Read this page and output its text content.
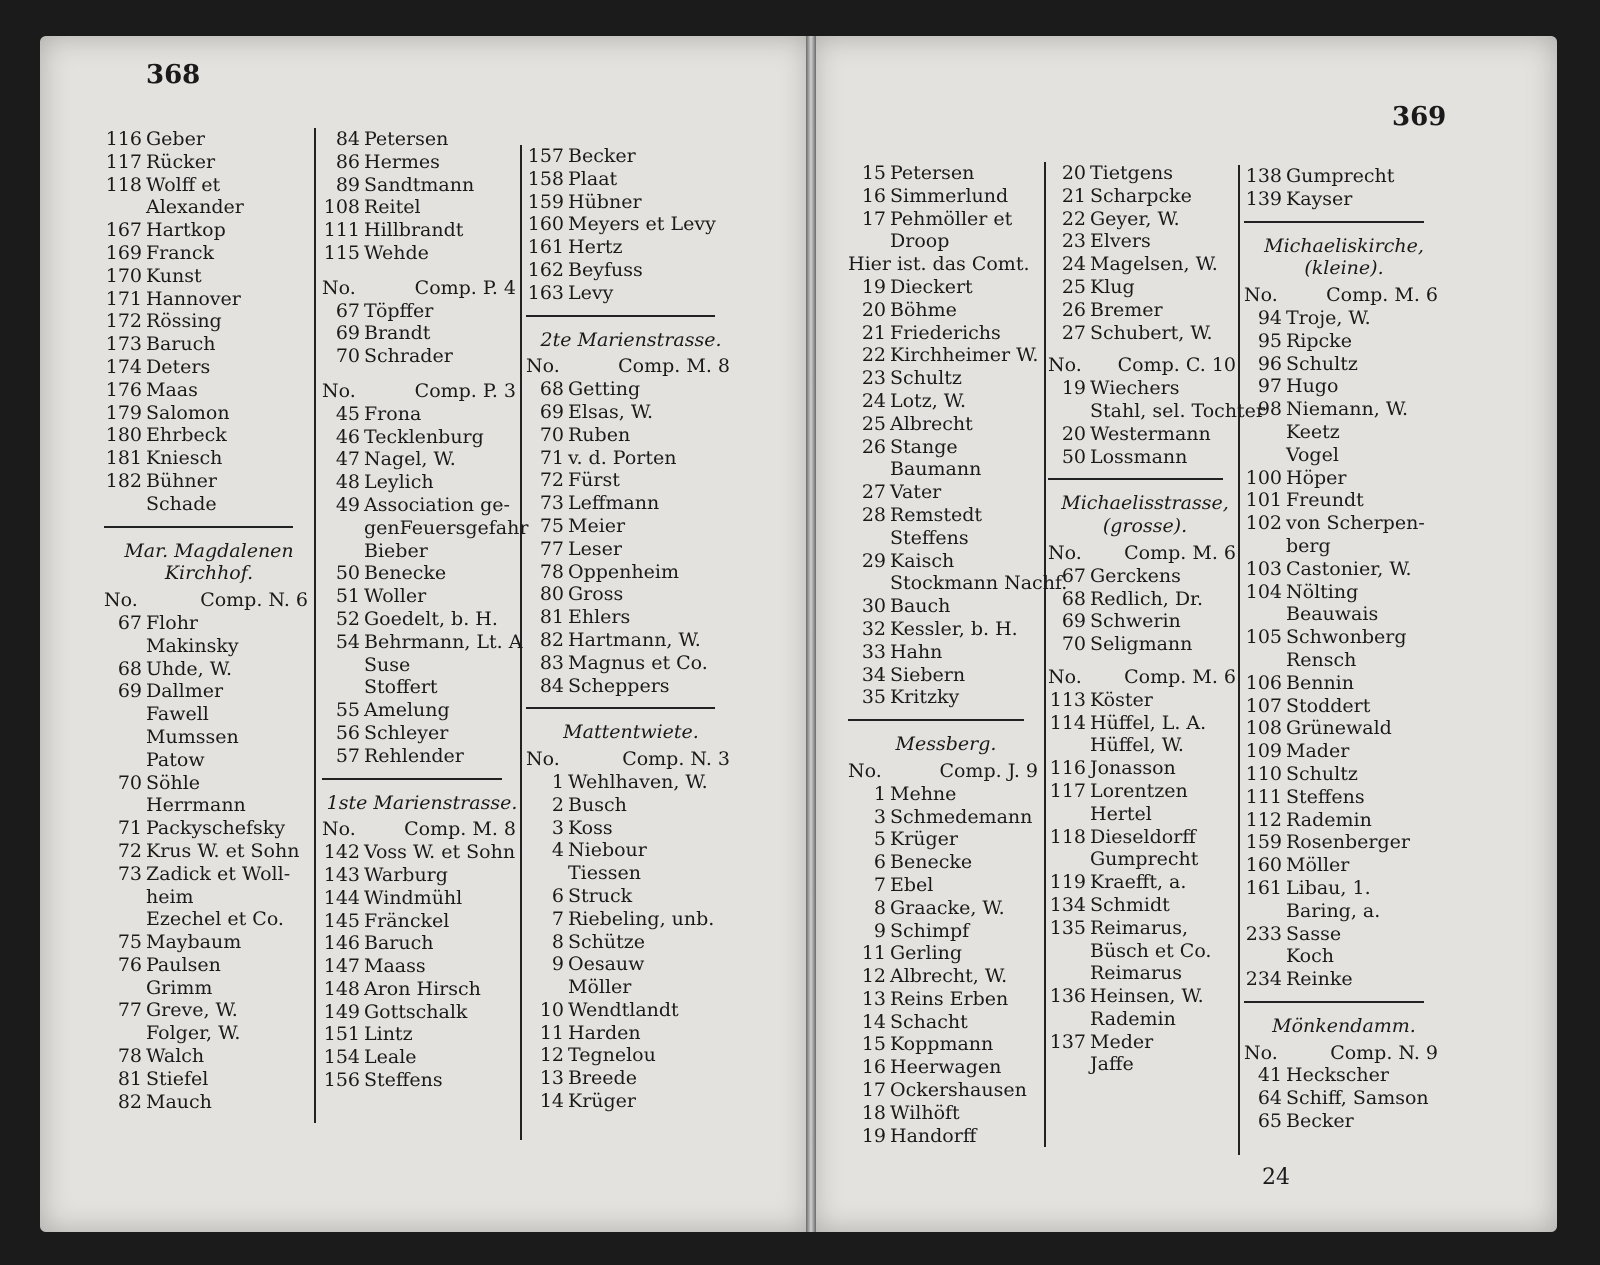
368
369
24
116 Geber
117 Rücker
118 Wolff et
Alexander
167 Hartkop
169 Franck
170 Kunst
171 Hannover
172 Rössing
173 Baruch
174 Deters
176 Maas
179 Salomon
180 Ehrbeck
181 Kniesch
182 Bühner
Schade
Mar. Magdalenen Kirchhof.
No.	Comp. N. 6
67 Flohr
Makinsky
68 Uhde, W.
69 Dallmer
Fawell
Mumssen
Patow
70 Söhle
Herrmann
71 Packyschefsky
72 Krus W. et Sohn
73 Zadick et Woll-
heim
Ezechel et Co.
75 Maybaum
76 Paulsen
Grimm
77 Greve, W.
Folger, W.
78 Walch
81 Stiefel
82 Mauch
84 Petersen
86 Hermes
89 Sandtmann
108 Reitel
111 Hillbrandt
115 Wehde
No.	Comp. P. 4
67 Töpffer
69 Brandt
70 Schrader
No.	Comp. P. 3
45 Frona
46 Tecklenburg
47 Nagel, W.
48 Leylich
49 Association ge-
genFeuersgefahr
Bieber
50 Benecke
51 Woller
52 Goedelt, b. H.
54 Behrmann, Lt. A
Suse
Stoffert
55 Amelung
56 Schleyer
57 Rehlender
1ste Marienstrasse.
No.	Comp. M. 8
142 Voss W. et Sohn
143 Warburg
144 Windmühl
145 Fränckel
146 Baruch
147 Maass
148 Aron Hirsch
149 Gottschalk
151 Lintz
154 Leale
156 Steffens
157 Becker
158 Plaat
159 Hübner
160 Meyers et Levy
161 Hertz
162 Beyfuss
163 Levy
2te Marienstrasse.
No.	Comp. M. 8
68 Getting
69 Elsas, W.
70 Ruben
71 v. d. Porten
72 Fürst
73 Leffmann
75 Meier
77 Leser
78 Oppenheim
80 Gross
81 Ehlers
82 Hartmann, W.
83 Magnus et Co.
84 Scheppers
Mattentwiete.
No.	Comp. N. 3
1 Wehlhaven, W.
2 Busch
3 Koss
4 Niebour
Tiessen
6 Struck
7 Riebeling, unb.
8 Schütze
9 Oesauw
Möller
10 Wendtlandt
11 Harden
12 Tegnelou
13 Breede
14 Krüger
15 Petersen
16 Simmerlund
17 Pehmöller et
Droop
Hier ist. das Comt.
19 Dieckert
20 Böhme
21 Friederichs
22 Kirchheimer W.
23 Schultz
24 Lotz, W.
25 Albrecht
26 Stange
Baumann
27 Vater
28 Remstedt
Steffens
29 Kaisch
Stockmann Nachf.
30 Bauch
32 Kessler, b. H.
33 Hahn
34 Siebern
35 Kritzky
Messberg.
No.	Comp. J. 9
1 Mehne
3 Schmedemann
5 Krüger
6 Benecke
7 Ebel
8 Graacke, W.
9 Schimpf
11 Gerling
12 Albrecht, W.
13 Reins Erben
14 Schacht
15 Koppmann
16 Heerwagen
17 Ockershausen
18 Wilhöft
19 Handorff
20 Tietgens
21 Scharpcke
22 Geyer, W.
23 Elvers
24 Magelsen, W.
25 Klug
26 Bremer
27 Schubert, W.
No. Comp. C. 10
19 Wiechers
Stahl, sel. Tochter
20 Westermann
50 Lossmann
Michaelisstrasse, (grosse).
No. Comp. M. 6
67 Gerckens
68 Redlich, Dr.
69 Schwerin
70 Seligmann
No. Comp. M. 6
113 Köster
114 Hüffel, L. A.
Hüffel, W.
116 Jonasson
117 Lorentzen
Hertel
118 Dieseldorff
Gumprecht
119 Kraefft, a.
134 Schmidt
135 Reimarus,
Büsch et Co.
Reimarus
136 Heinsen, W.
Rademin
137 Meder
Jaffe
138 Gumprecht
139 Kayser
Michaeliskirche, (kleine).
No.	Comp. M. 6
94 Troje, W.
95 Ripcke
96 Schultz
97 Hugo
98 Niemann, W.
Keetz
Vogel
100 Höper
101 Freundt
102 von Scherpen-
berg
103 Castonier, W.
104 Nölting
Beauwais
105 Schwonberg
Rensch
106 Bennin
107 Stoddert
108 Grünewald
109 Mader
110 Schultz
111 Steffens
112 Rademin
159 Rosenberger
160 Möller
161 Libau, 1.
Baring, a.
233 Sasse
Koch
234 Reinke
Mönkendamm.
No.	Comp. N. 9
41 Heckscher
64 Schiff, Samson
65 Becker
